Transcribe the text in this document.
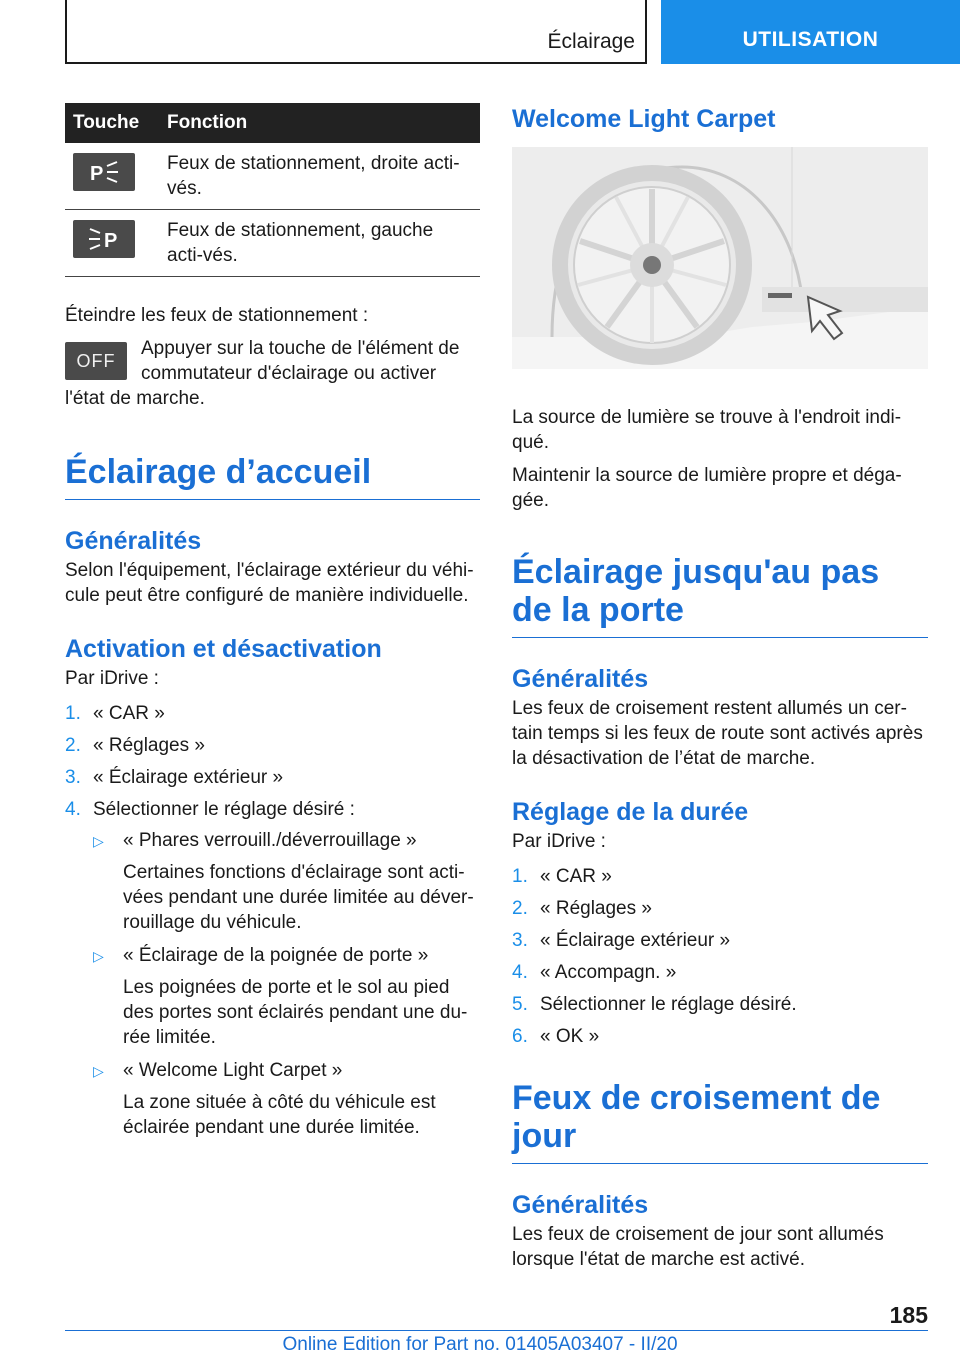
Éclairage	UTILISATION
Touche	Fonction

P	Feux de stationnement, droite acti-vés.

P	Feux de stationnement, gauche acti-vés.

Éteindre les feux de stationnement :

OFF

Appuyer sur la touche de l'élément de commutateur d'éclairage ou activer l'état de marche.

Éclairage d’accueil
Généralités

Selon l'équipement, l'éclairage extérieur du véhi-cule peut être configuré de manière individuelle.

Activation et désactivation

Par iDrive :

1. « CAR »
2. « Réglages »
3. « Éclairage extérieur »
4. Sélectionner le réglage désiré :
▷ « Phares verrouill./déverrouillage »
Certaines fonctions d'éclairage sont acti-vées pendant une durée limitée au déver-rouillage du véhicule.
▷ « Éclairage de la poignée de porte »
Les poignées de porte et le sol au pied des portes sont éclairés pendant une du-rée limitée.
▷ « Welcome Light Carpet »
La zone située à côté du véhicule est éclairée pendant une durée limitée.
Welcome Light Carpet

La source de lumière se trouve à l'endroit indi-qué.

Maintenir la source de lumière propre et déga-gée.

Éclairage jusqu'au pas de la porte
Généralités

Les feux de croisement restent allumés un cer-tain temps si les feux de route sont activés après la désactivation de l’état de marche.

Réglage de la durée

Par iDrive :

1. « CAR »
2. « Réglages »
3. « Éclairage extérieur »
4. « Accompagn. »
5. Sélectionner le réglage désiré.
6. « OK »
Feux de croisement de jour
Généralités

Les feux de croisement de jour sont allumés lorsque l'état de marche est activé.

185
Online Edition for Part no. 01405A03407 - II/20
